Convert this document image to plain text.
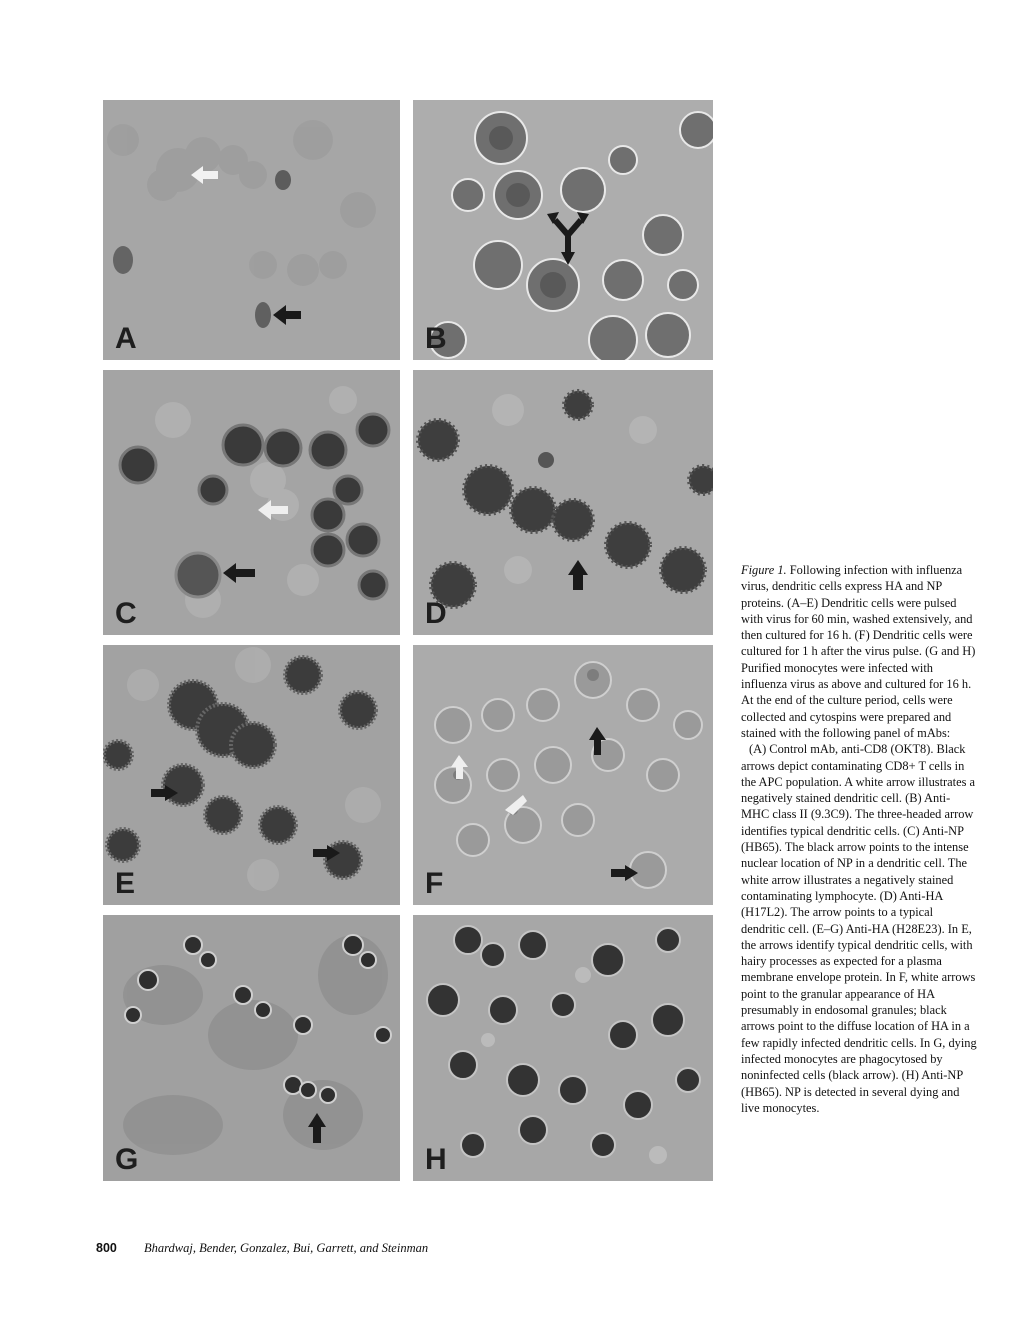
A	B
C	D
E	F
G	H

Figure 1. Following infection with influenza virus, dendritic cells express HA and NP proteins. (A–E) Dendritic cells were pulsed with virus for 60 min, washed extensively, and then cultured for 16 h. (F) Dendritic cells were cultured for 1 h after the virus pulse. (G and H) Purified monocytes were infected with influenza virus as above and cultured for 16 h. At the end of the culture period, cells were collected and cytospins were prepared and stained with the following panel of mAbs:

(A) Control mAb, anti-CD8 (OKT8). Black arrows depict contaminating CD8+ T cells in the APC population. A white arrow illustrates a negatively stained dendritic cell. (B) Anti-MHC class II (9.3C9). The three-headed arrow identifies typical dendritic cells. (C) Anti-NP (HB65). The black arrow points to the intense nuclear location of NP in a dendritic cell. The white arrow illustrates a negatively stained contaminating lymphocyte. (D) Anti-HA (H17L2). The arrow points to a typical dendritic cell. (E–G) Anti-HA (H28E23). In E, the arrows identify typical dendritic cells, with hairy processes as expected for a plasma membrane envelope protein. In F, white arrows point to the granular appearance of HA presumably in endosomal granules; black arrows point to the diffuse location of HA in a few rapidly infected dendritic cells. In G, dying infected monocytes are phagocytosed by noninfected cells (black arrow). (H) Anti-NP (HB65). NP is detected in several dying and live monocytes.

800 Bhardwaj, Bender, Gonzalez, Bui, Garrett, and Steinman
